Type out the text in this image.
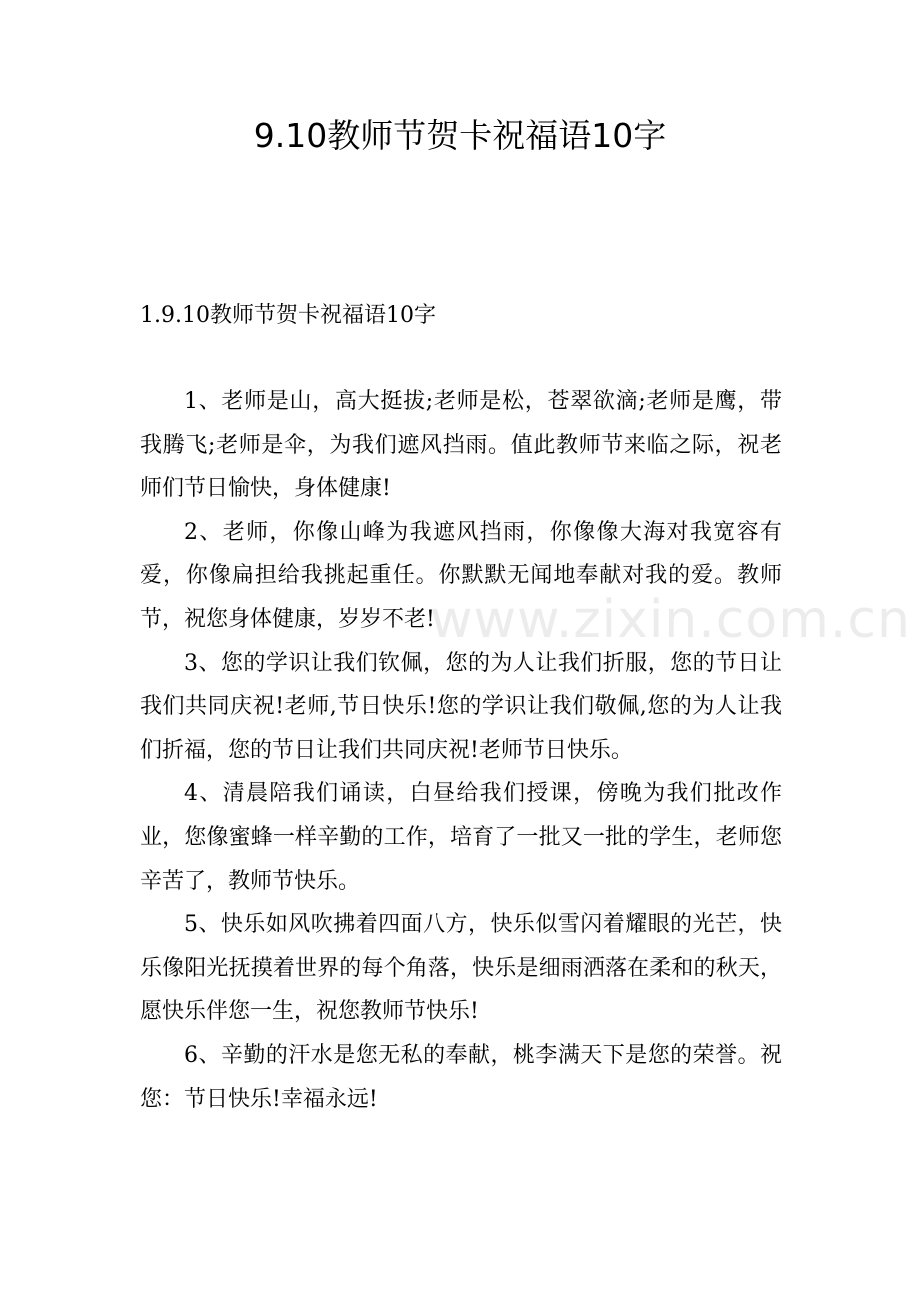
9.10教师节贺卡祝福语10字
1.9.10教师节贺卡祝福语10字

1、老师是山，高大挺拔;老师是松，苍翠欲滴;老师是鹰，带我腾飞;老师是伞，为我们遮风挡雨。值此教师节来临之际，祝老师们节日愉快，身体健康!

2、老师，你像山峰为我遮风挡雨，你像像大海对我宽容有爱，你像扁担给我挑起重任。你默默无闻地奉献对我的爱。教师节，祝您身体健康，岁岁不老!

3、您的学识让我们钦佩，您的为人让我们折服，您的节日让我们共同庆祝!老师,节日快乐!您的学识让我们敬佩,您的为人让我们折福，您的节日让我们共同庆祝!老师节日快乐。

4、清晨陪我们诵读，白昼给我们授课，傍晚为我们批改作业，您像蜜蜂一样辛勤的工作，培育了一批又一批的学生，老师您辛苦了，教师节快乐。

5、快乐如风吹拂着四面八方，快乐似雪闪着耀眼的光芒，快乐像阳光抚摸着世界的每个角落，快乐是细雨洒落在柔和的秋天，愿快乐伴您一生，祝您教师节快乐!

6、辛勤的汗水是您无私的奉献，桃李满天下是您的荣誉。祝您：节日快乐!幸福永远!

www.zixin.com.cn
